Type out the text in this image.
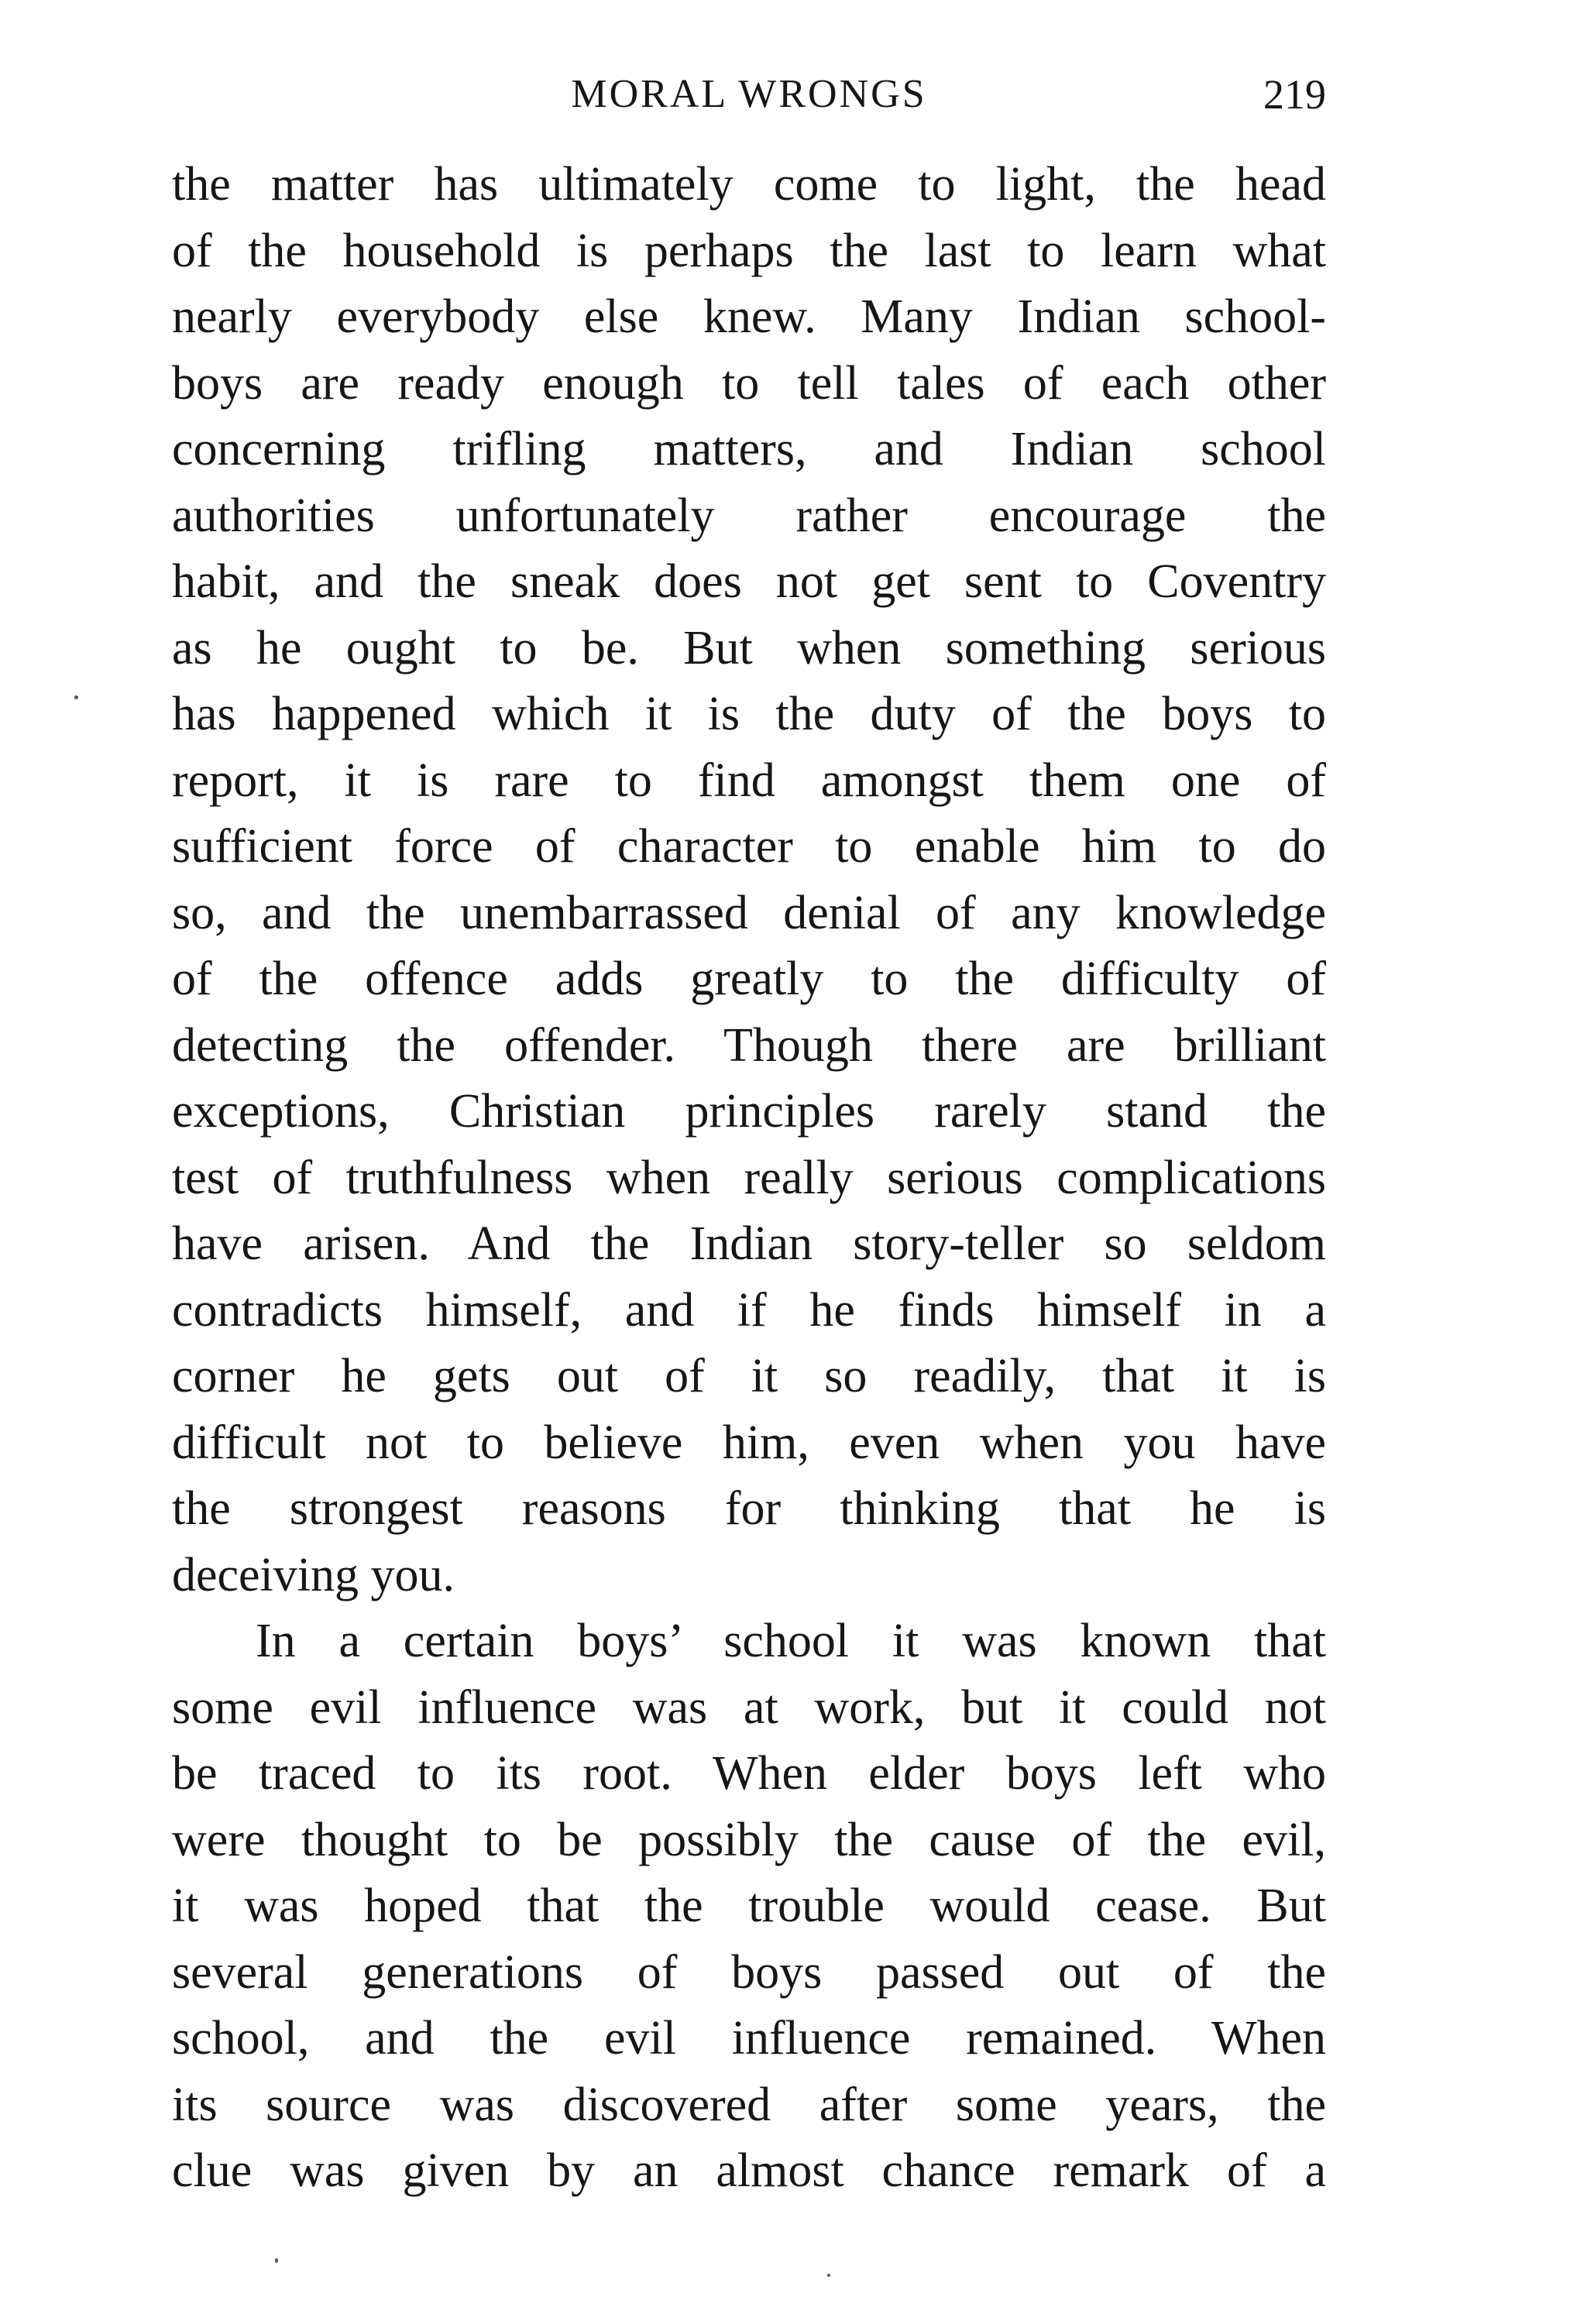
MORAL WRONGS	219
the matter has ultimately come to light, the head
of the household is perhaps the last to learn what
nearly everybody else knew. Many Indian school-
boys are ready enough to tell tales of each other
concerning trifling matters, and Indian school
authorities unfortunately rather encourage the
habit, and the sneak does not get sent to Coventry
as he ought to be. But when something serious
has happened which it is the duty of the boys to
report, it is rare to find amongst them one of
sufficient force of character to enable him to do
so, and the unembarrassed denial of any knowledge
of the offence adds greatly to the difficulty of
detecting the offender. Though there are brilliant
exceptions, Christian principles rarely stand the
test of truthfulness when really serious complications
have arisen. And the Indian story-teller so seldom
contradicts himself, and if he finds himself in a
corner he gets out of it so readily, that it is
difficult not to believe him, even when you have
the strongest reasons for thinking that he is
deceiving you.
In a certain boys’ school it was known that
some evil influence was at work, but it could not
be traced to its root. When elder boys left who
were thought to be possibly the cause of the evil,
it was hoped that the trouble would cease. But
several generations of boys passed out of the
school, and the evil influence remained. When
its source was discovered after some years, the
clue was given by an almost chance remark of a
